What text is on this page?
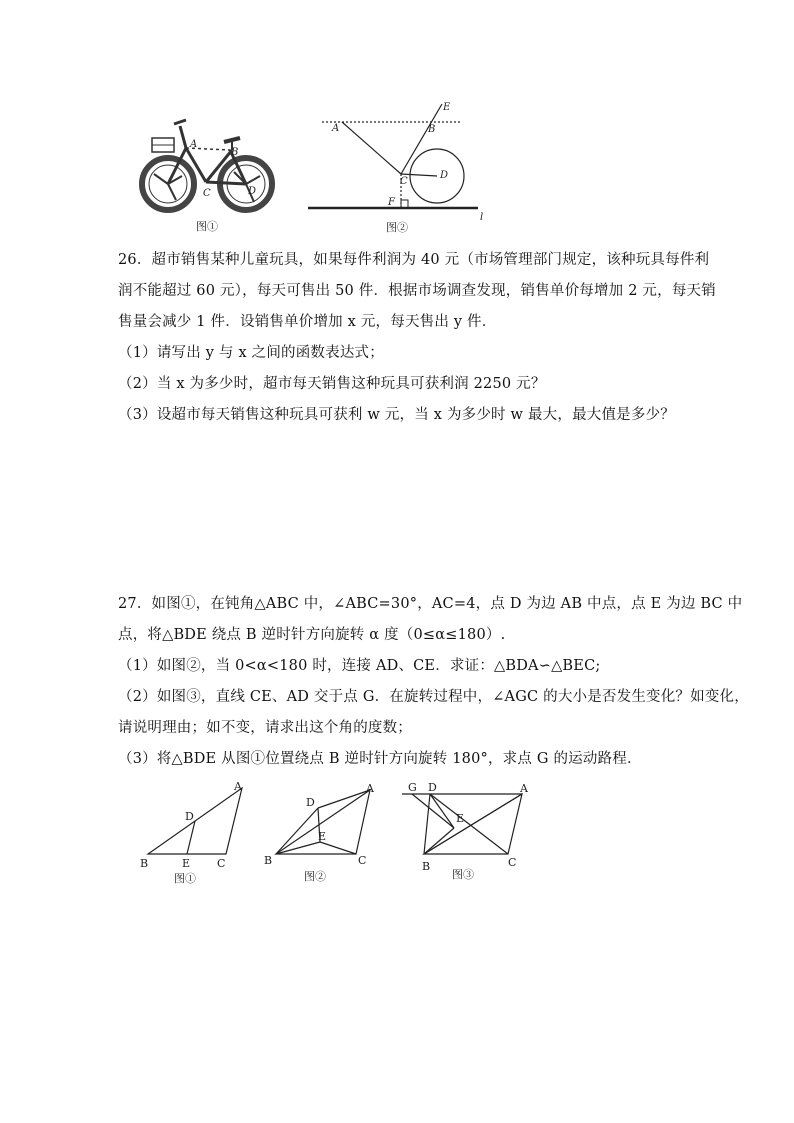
A
B
C	D
图①
A	B
C
D
E
F
l
图②
26．超市销售某种儿童玩具，如果每件利润为 40 元（市场管理部门规定，该种玩具每件利
润不能超过 60 元），每天可售出 50 件．根据市场调查发现，销售单价每增加 2 元，每天销
售量会减少 1 件．设销售单价增加 x 元，每天售出 y 件．
（1）请写出 y 与 x 之间的函数表达式；
（2）当 x 为多少时，超市每天销售这种玩具可获利润 2250 元？
（3）设超市每天销售这种玩具可获利 w 元，当 x 为多少时 w 最大，最大值是多少？
27．如图①，在钝角△ABC 中，∠ABC=30°，AC=4，点 D 为边 AB 中点，点 E 为边 BC 中
点，将△BDE 绕点 B 逆时针方向旋转 α 度（0≤α≤180）.
（1）如图②，当 0<α<180 时，连接 AD、CE．求证：△BDA∽△BEC;
（2）如图③，直线 CE、AD 交于点 G．在旋转过程中，∠AGC 的大小是否发生变化？如变化，
请说明理由；如不变，请求出这个角的度数；
（3）将△BDE 从图①位置绕点 B 逆时针方向旋转 180°，求点 G 的运动路程．
A
B	C
D
E
图①
A
B	C
D
E
图②
A
B	C
D
E
G
图③
